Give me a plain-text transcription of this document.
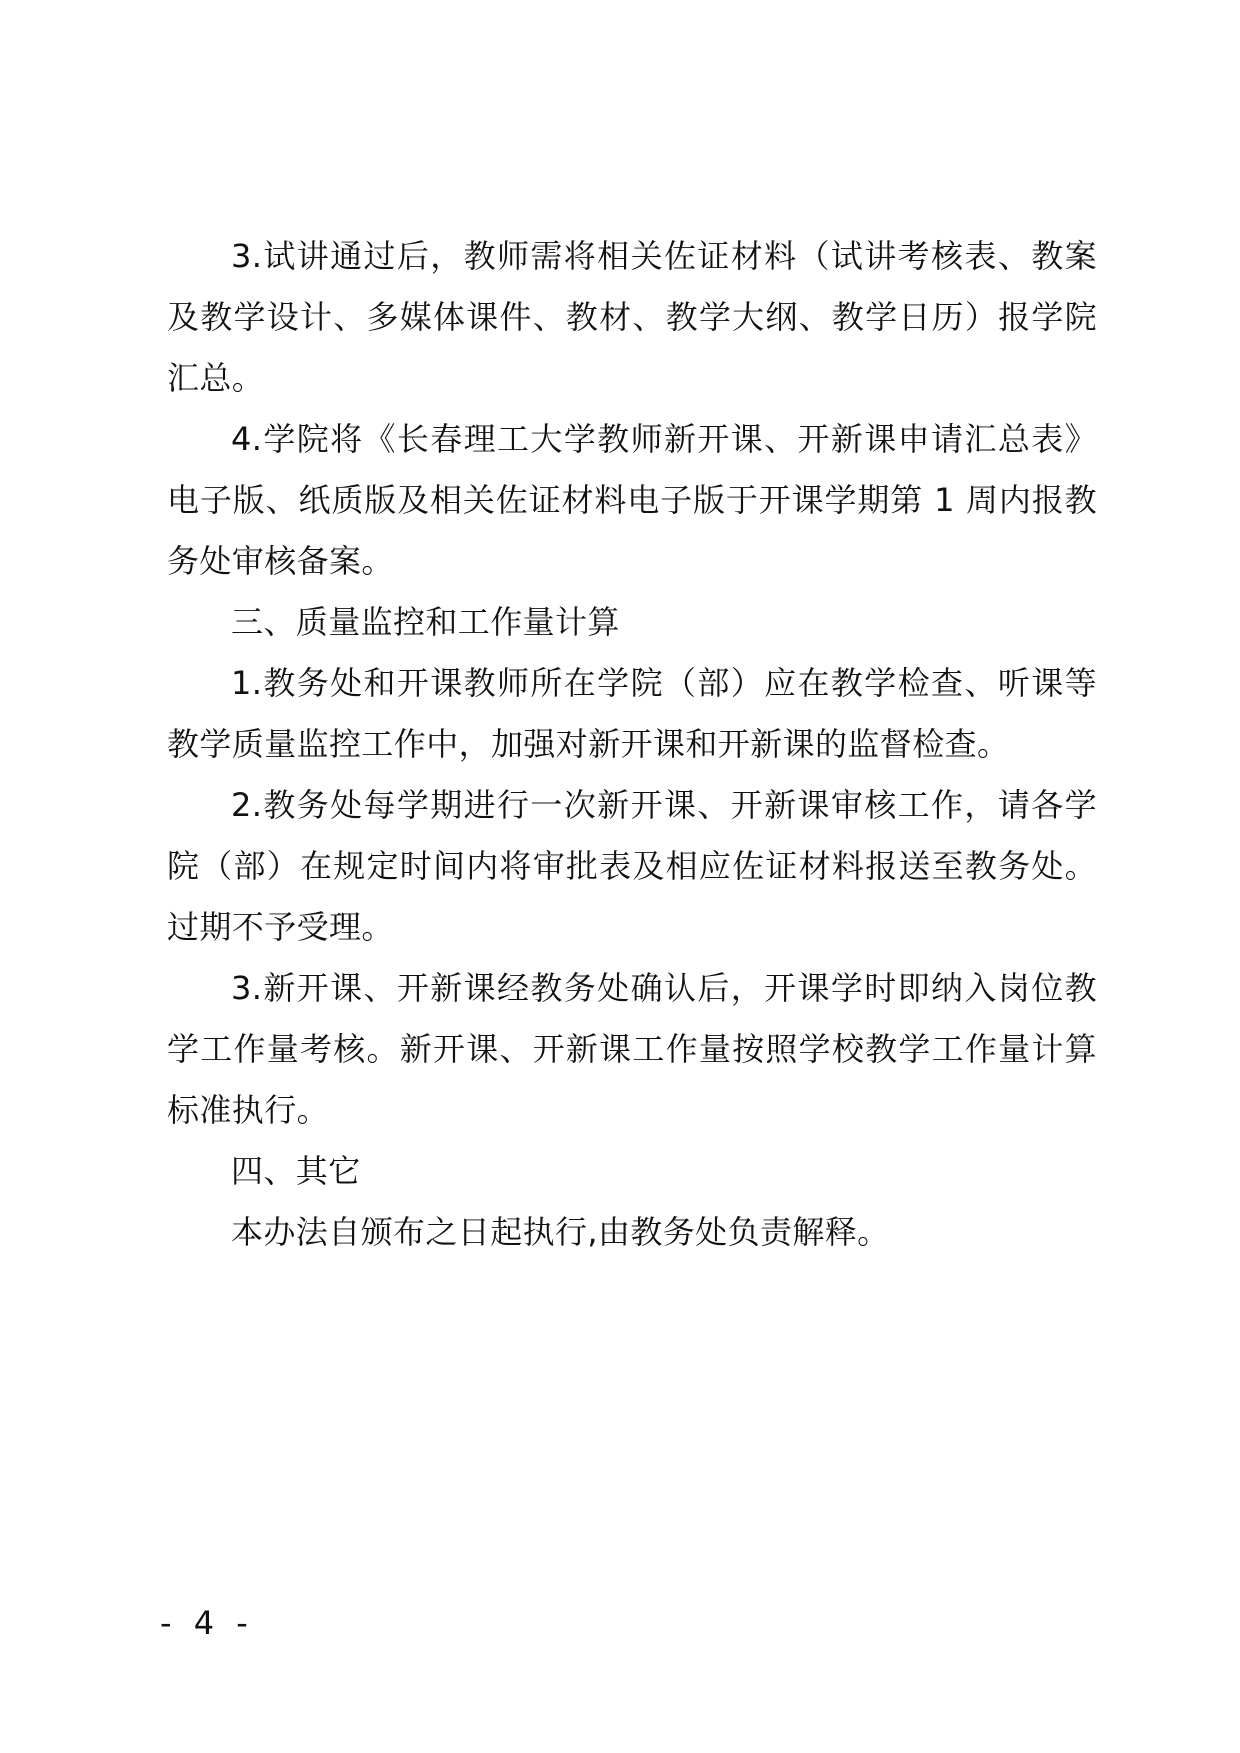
3.试讲通过后，教师需将相关佐证材料（试讲考核表、教案及教学设计、多媒体课件、教材、教学大纲、教学日历）报学院汇总。

4.学院将《长春理工大学教师新开课、开新课申请汇总表》电子版、纸质版及相关佐证材料电子版于开课学期第 1 周内报教务处审核备案。

三、质量监控和工作量计算

1.教务处和开课教师所在学院（部）应在教学检查、听课等教学质量监控工作中，加强对新开课和开新课的监督检查。

2.教务处每学期进行一次新开课、开新课审核工作，请各学院（部）在规定时间内将审批表及相应佐证材料报送至教务处。过期不予受理。

3.新开课、开新课经教务处确认后，开课学时即纳入岗位教学工作量考核。新开课、开新课工作量按照学校教学工作量计算标准执行。

四、其它

本办法自颁布之日起执行,由教务处负责解释。

- 4 -
